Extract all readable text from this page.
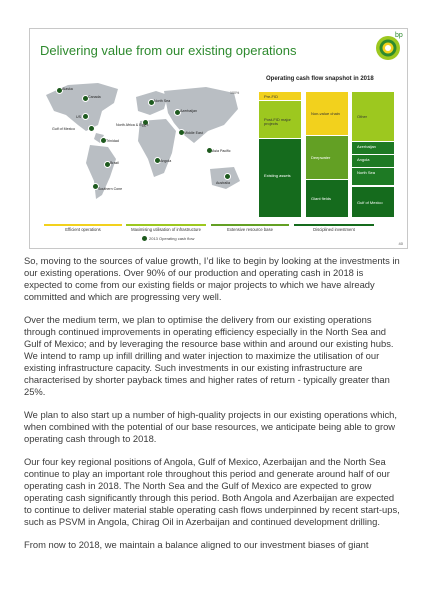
Delivering value from our existing operations
bp
Alaska
Canada
US
Gulf of Mexico
Trinidad
Brazil
Southern Cone
North Africa & Egypt
North Sea
Azerbaijan
Angola
Asia Pacific
Middle East
Australia
2013 Operating cash flow
Operating cash flow snapshot in 2018
100%
Pre-FID
Post-FID major projects
Existing assets
Non-value chain
Deepwater
Giant fields
Other
Azerbaijan
Angola
North Sea
Gulf of Mexico
Efficient operations	Maximising utilisation of infrastructure	Extensive resource base	Disciplined investment
40

So, moving to the sources of value growth, I’d like to begin by looking at the investments in our existing operations. Over 90% of our production and operating cash in 2018 is expected to come from our existing fields or major projects to which we have already committed and which are progressing very well.

Over the medium term, we plan to optimise the delivery from our existing operations through continued improvements in operating efficiency especially in the North Sea and Gulf of Mexico; and by leveraging the resource base within and around our existing hubs. We intend to ramp up infill drilling and water injection to maximize the utilisation of our existing infrastructure capacity. Such investments in our existing infrastructure are characterised by shorter payback times and higher rates of return - typically greater than 25%.

We plan to also start up a number of high-quality projects in our existing operations which, when combined with the potential of our base resources, we anticipate being able to grow operating cash through to 2018.

Our four key regional positions of Angola, Gulf of Mexico, Azerbaijan and the North Sea continue to play an important role throughout this period and generate around half of our operating cash in 2018. The North Sea and the Gulf of Mexico are expected to grow operating cash significantly through this period. Both Angola and Azerbaijan are expected to continue to deliver material stable operating cash flows underpinned by recent start-ups, such as PSVM in Angola, Chirag Oil in Azerbaijan and continued development drilling.

From now to 2018, we maintain a balance aligned to our investment biases of giant
